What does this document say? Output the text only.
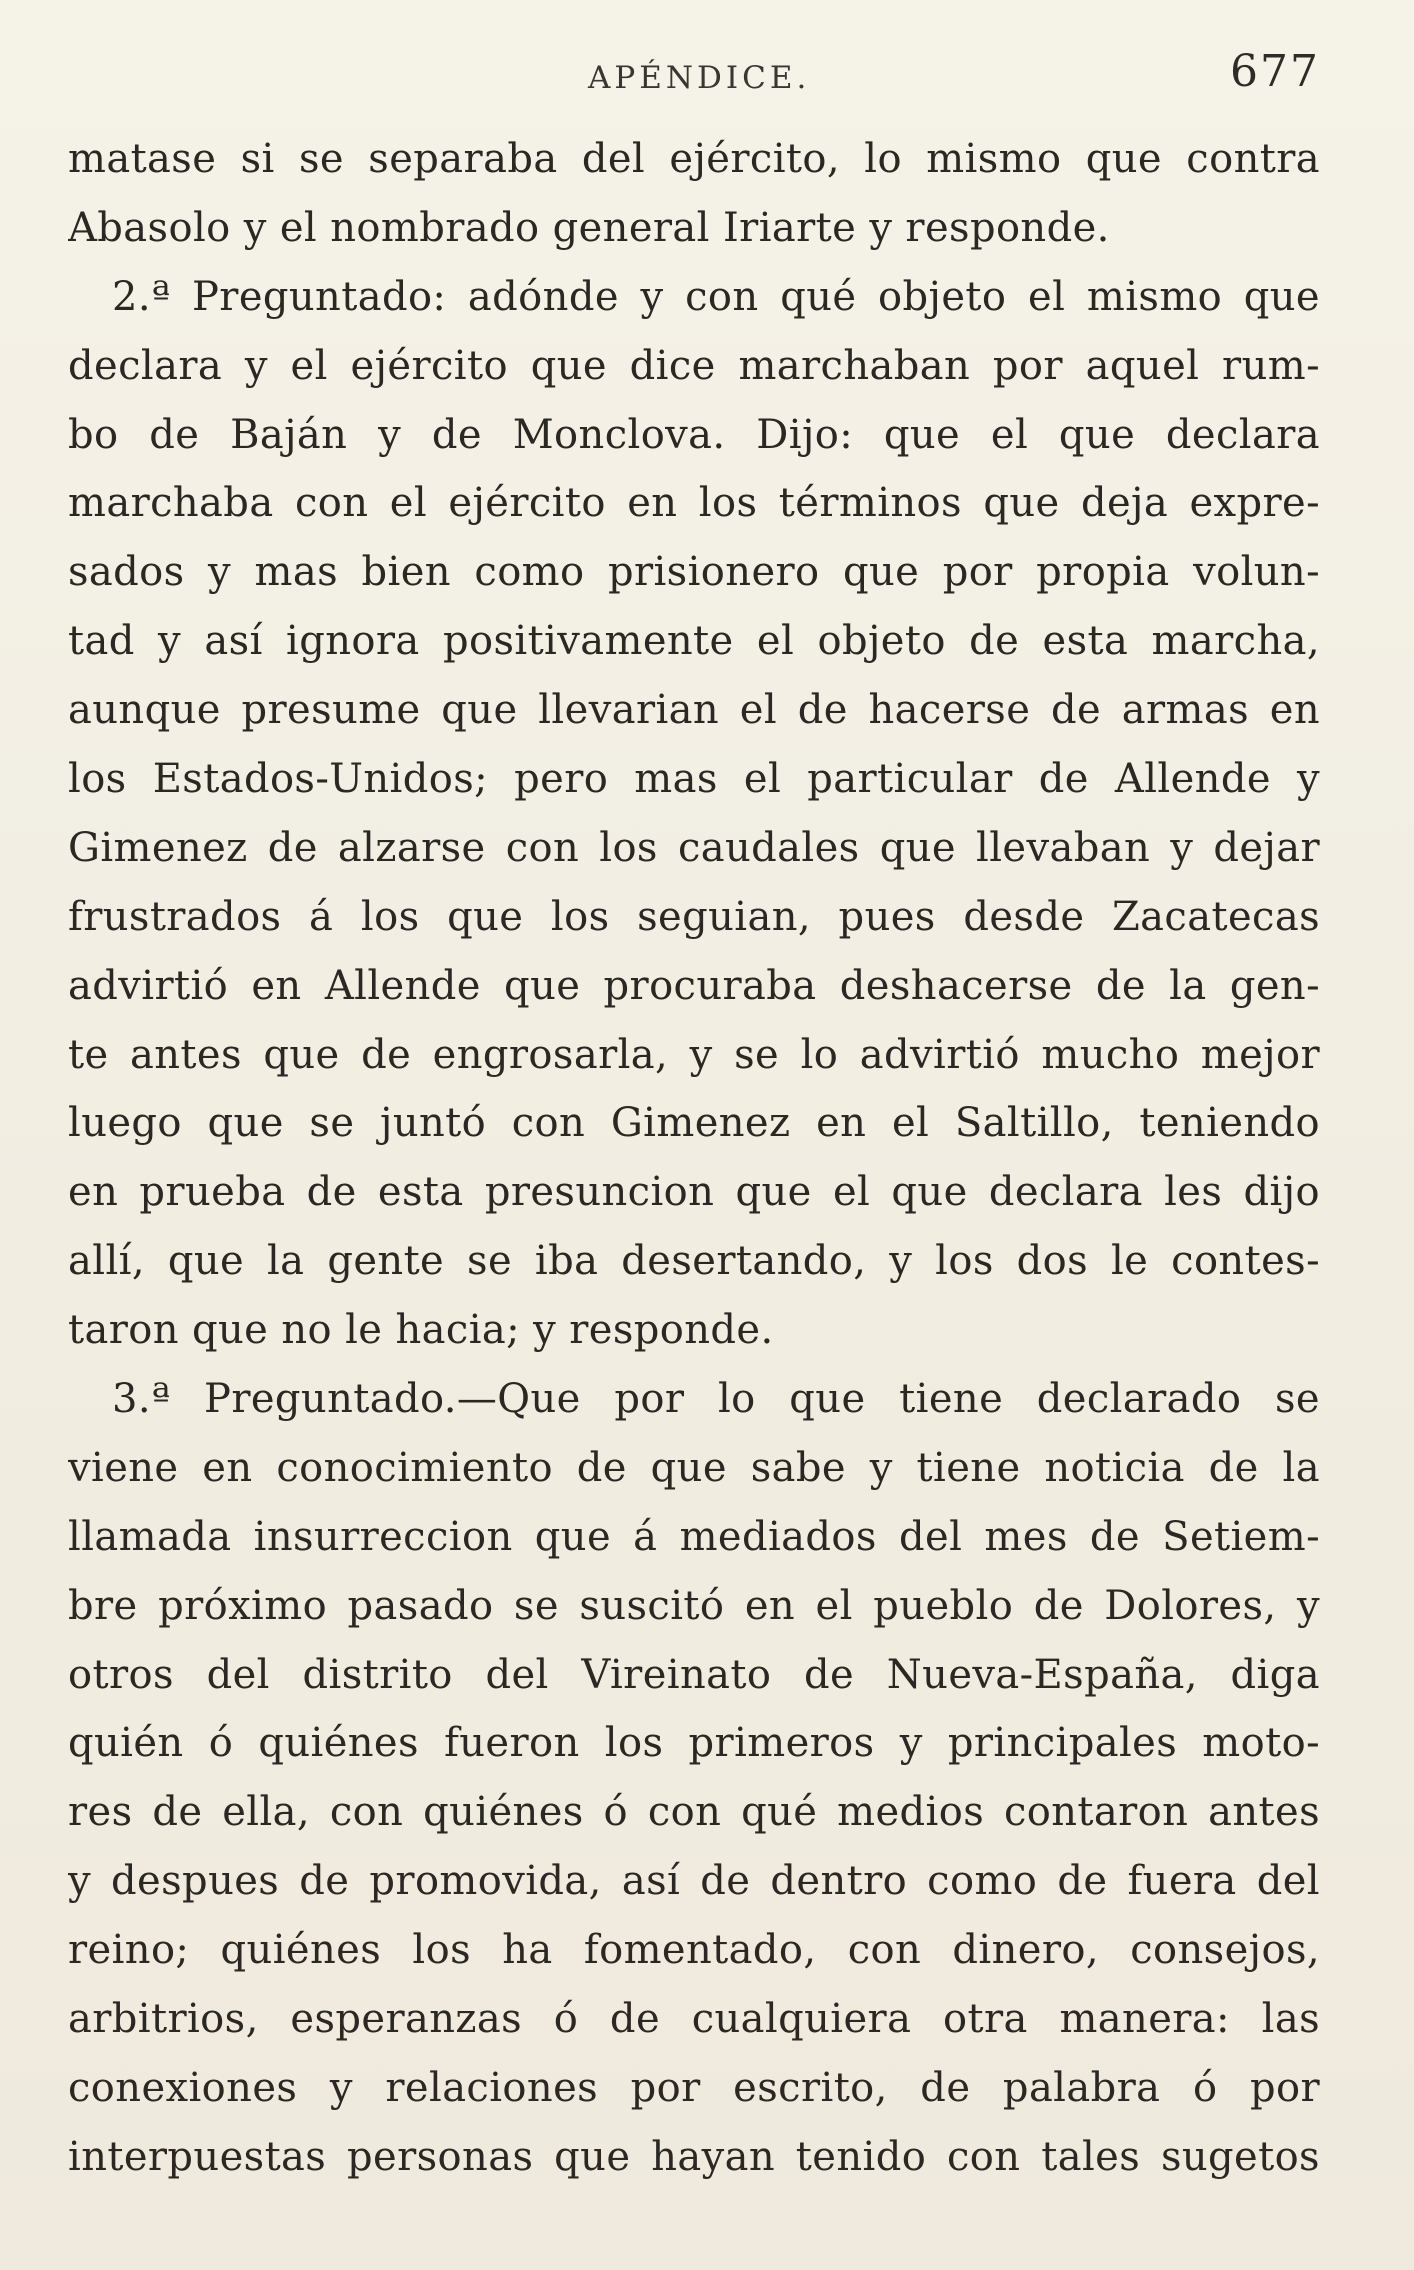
APÉNDICE.	677
matase si se separaba del ejército, lo mismo que contra
Abasolo y el nombrado general Iriarte y responde.
2.ª Preguntado: adónde y con qué objeto el mismo que
declara y el ejército que dice marchaban por aquel rum-
bo de Baján y de Monclova. Dijo: que el que declara
marchaba con el ejército en los términos que deja expre-
sados y mas bien como prisionero que por propia volun-
tad y así ignora positivamente el objeto de esta marcha,
aunque presume que llevarian el de hacerse de armas en
los Estados-Unidos; pero mas el particular de Allende y
Gimenez de alzarse con los caudales que llevaban y dejar
frustrados á los que los seguian, pues desde Zacatecas
advirtió en Allende que procuraba deshacerse de la gen-
te antes que de engrosarla, y se lo advirtió mucho mejor
luego que se juntó con Gimenez en el Saltillo, teniendo
en prueba de esta presuncion que el que declara les dijo
allí, que la gente se iba desertando, y los dos le contes-
taron que no le hacia; y responde.
3.ª Preguntado.—Que por lo que tiene declarado se
viene en conocimiento de que sabe y tiene noticia de la
llamada insurreccion que á mediados del mes de Setiem-
bre próximo pasado se suscitó en el pueblo de Dolores, y
otros del distrito del Vireinato de Nueva-España, diga
quién ó quiénes fueron los primeros y principales moto-
res de ella, con quiénes ó con qué medios contaron antes
y despues de promovida, así de dentro como de fuera del
reino; quiénes los ha fomentado, con dinero, consejos,
arbitrios, esperanzas ó de cualquiera otra manera: las
conexiones y relaciones por escrito, de palabra ó por
interpuestas personas que hayan tenido con tales sugetos
